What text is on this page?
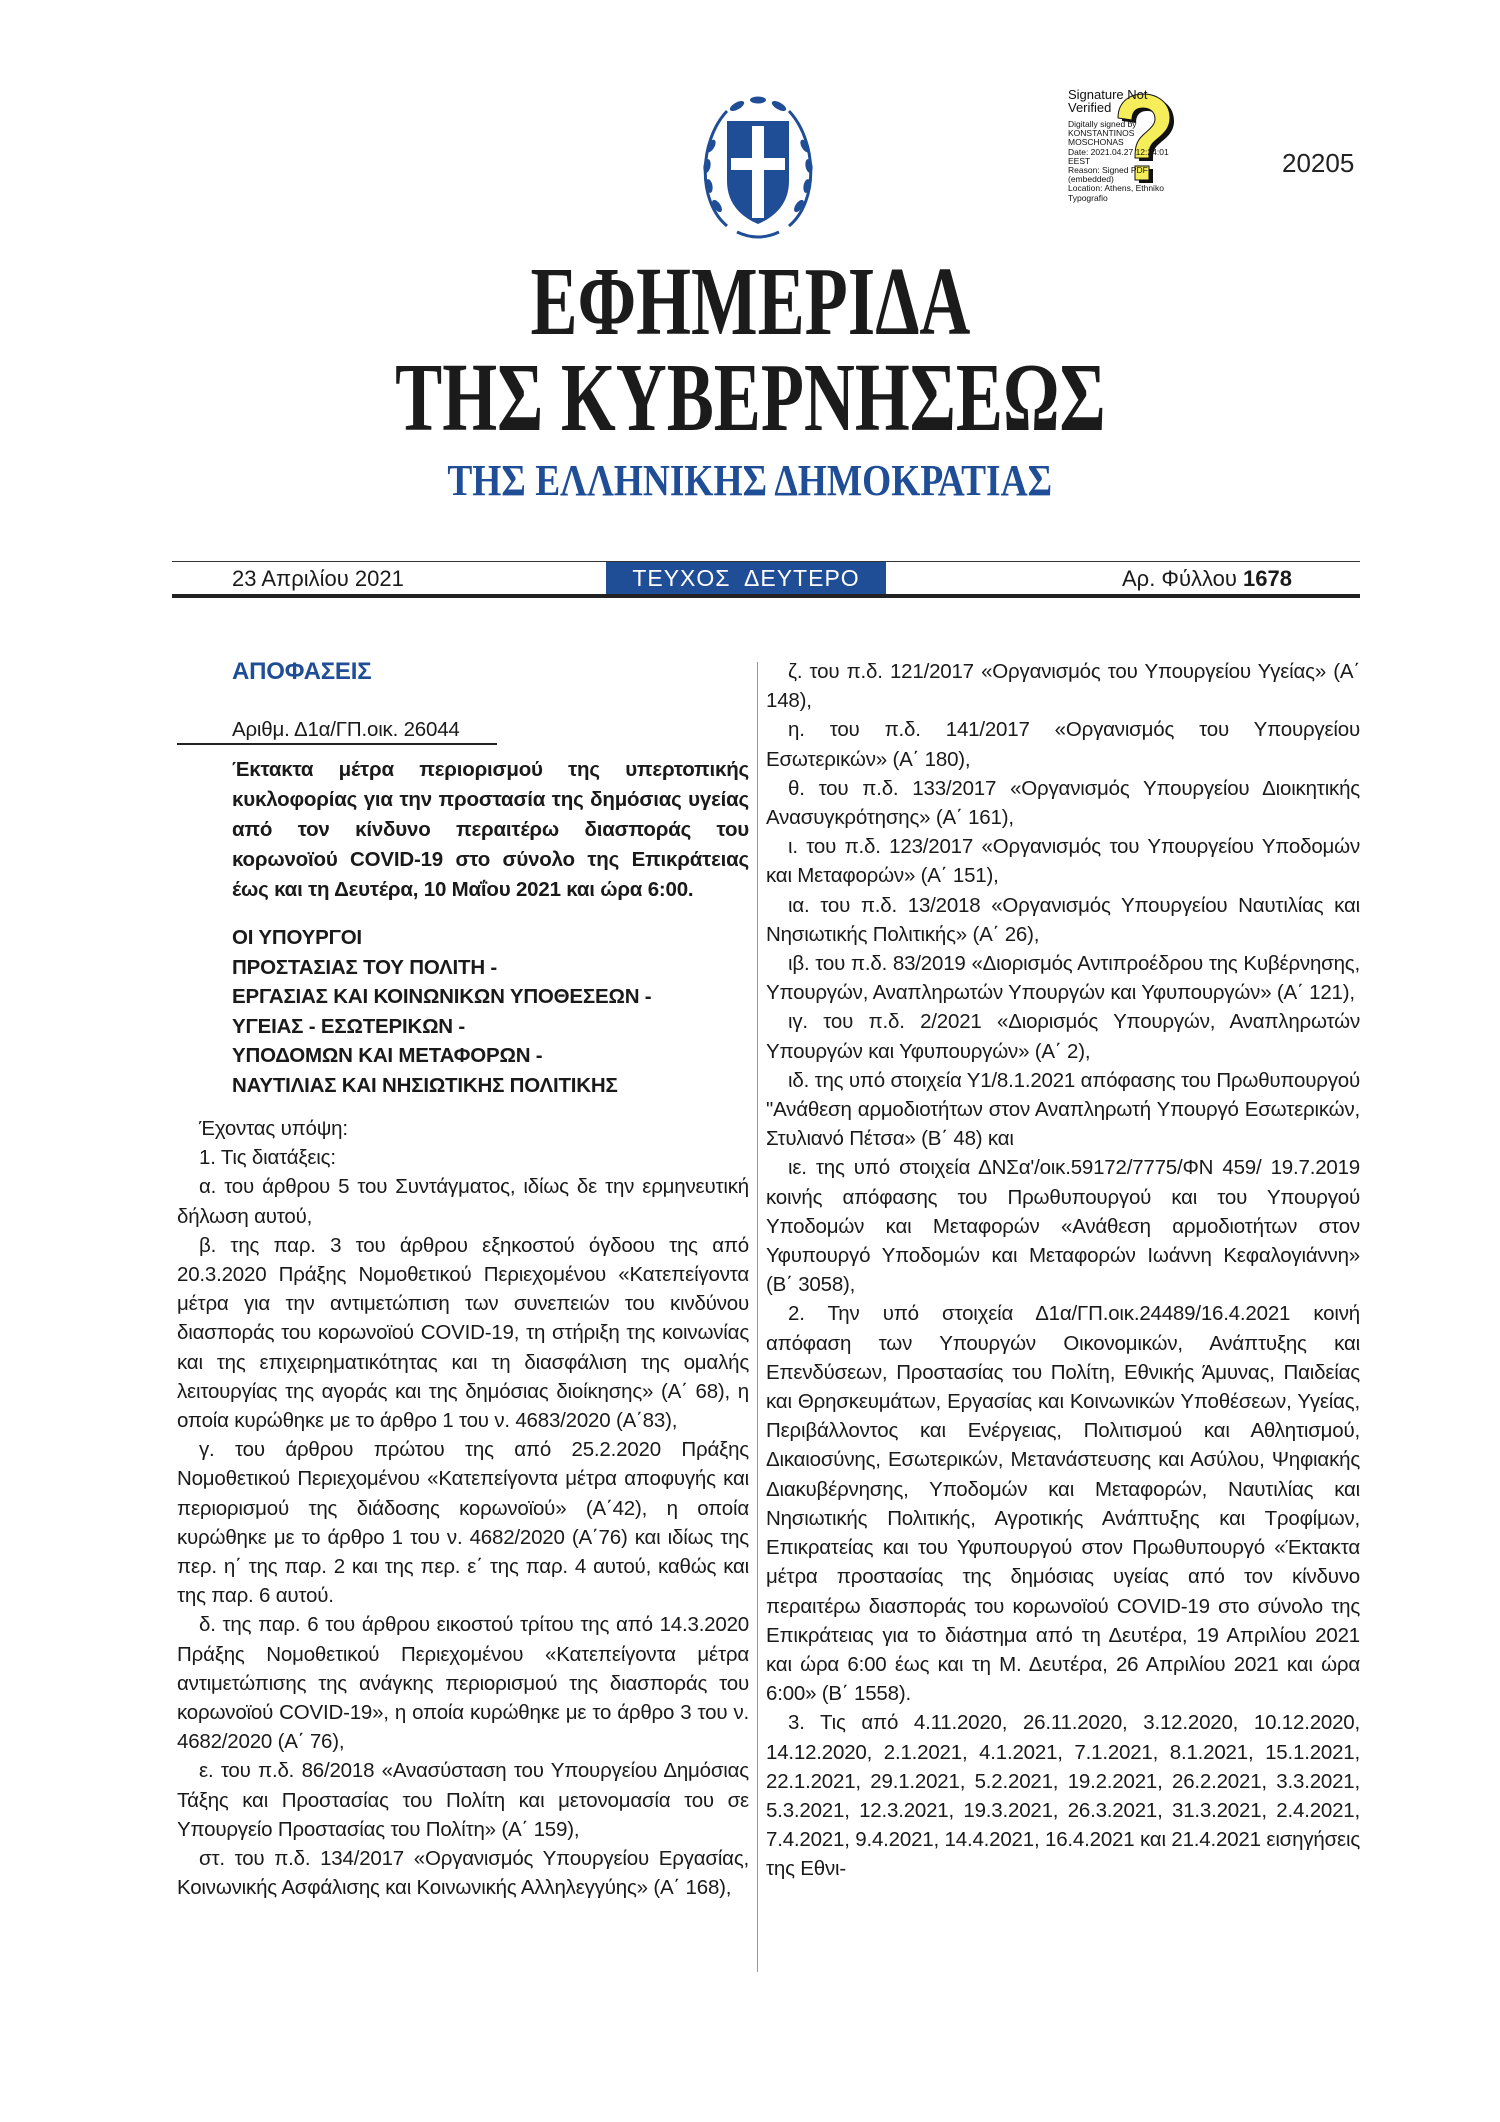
Signature Not Verified
Digitally signed by
KONSTANTINOS
MOSCHONAS
Date: 2021.04.27 12:24:01
EEST
Reason: Signed PDF
(embedded)
Location: Athens, Ethniko
Typografio
20205
ΕΦΗΜΕΡΙΔΑ
ΤΗΣ ΚΥΒΕΡΝΗΣΕΩΣ
ΤΗΣ ΕΛΛΗΝΙΚΗΣ ΔΗΜΟΚΡΑΤΙΑΣ
23 Απριλίου 2021	ΤΕΥΧΟΣ  ΔΕΥΤΕΡΟ	Αρ. Φύλλου 1678
ΑΠΟΦΑΣΕΙΣ
Αριθμ. Δ1α/ΓΠ.οικ. 26044
Έκτακτα μέτρα περιορισμού της υπερτοπικής κυκλοφορίας για την προστασία της δημόσιας υγείας από τον κίνδυνο περαιτέρω διασποράς του κορωνοϊού COVID-19 στο σύνολο της Επικράτειας έως και τη Δευτέρα, 10 Μαΐου 2021 και ώρα 6:00.
ΟΙ ΥΠΟΥΡΓΟΙ
ΠΡΟΣΤΑΣΙΑΣ ΤΟΥ ΠΟΛΙΤΗ -
ΕΡΓΑΣΙΑΣ ΚΑΙ ΚΟΙΝΩΝΙΚΩΝ ΥΠΟΘΕΣΕΩΝ -
ΥΓΕΙΑΣ - ΕΣΩΤΕΡΙΚΩΝ -
ΥΠΟΔΟΜΩΝ ΚΑΙ ΜΕΤΑΦΟΡΩΝ -
ΝΑΥΤΙΛΙΑΣ ΚΑΙ ΝΗΣΙΩΤΙΚΗΣ ΠΟΛΙΤΙΚΗΣ

Έχοντας υπόψη:

1. Τις διατάξεις:

α. του άρθρου 5 του Συντάγματος, ιδίως δε την ερμηνευτική δήλωση αυτού,

β. της παρ. 3 του άρθρου εξηκοστού όγδοου της από 20.3.2020 Πράξης Νομοθετικού Περιεχομένου «Κατεπείγοντα μέτρα για την αντιμετώπιση των συνεπειών του κινδύνου διασποράς του κορωνοϊού COVID-19, τη στήριξη της κοινωνίας και της επιχειρηματικότητας και τη διασφάλιση της ομαλής λειτουργίας της αγοράς και της δημόσιας διοίκησης» (Α΄ 68), η οποία κυρώθηκε με το άρθρο 1 του ν. 4683/2020 (Α΄83),

γ. του άρθρου πρώτου της από 25.2.2020 Πράξης Νομοθετικού Περιεχομένου «Κατεπείγοντα μέτρα αποφυγής και περιορισμού της διάδοσης κορωνοϊού» (Α΄42), η οποία κυρώθηκε με το άρθρο 1 του ν. 4682/2020 (Α΄76) και ιδίως της περ. η΄ της παρ. 2 και της περ. ε΄ της παρ. 4 αυτού, καθώς και της παρ. 6 αυτού.

δ. της παρ. 6 του άρθρου εικοστού τρίτου της από 14.3.2020 Πράξης Νομοθετικού Περιεχομένου «Κατεπείγοντα μέτρα αντιμετώπισης της ανάγκης περιορισμού της διασποράς του κορωνοϊού COVID-19», η οποία κυρώθηκε με το άρθρο 3 του ν. 4682/2020 (Α΄ 76),

ε. του π.δ. 86/2018 «Ανασύσταση του Υπουργείου Δημόσιας Τάξης και Προστασίας του Πολίτη και μετονομασία του σε Υπουργείο Προστασίας του Πολίτη» (Α΄ 159),

στ. του π.δ. 134/2017 «Οργανισμός Υπουργείου Εργασίας, Κοινωνικής Ασφάλισης και Κοινωνικής Αλληλεγγύης» (Α΄ 168),

ζ. του π.δ. 121/2017 «Οργανισμός του Υπουργείου Υγείας» (Α΄ 148),

η. του π.δ. 141/2017 «Οργανισμός του Υπουργείου Εσωτερικών» (Α΄ 180),

θ. του π.δ. 133/2017 «Οργανισμός Υπουργείου Διοικητικής Ανασυγκρότησης» (Α΄ 161),

ι. του π.δ. 123/2017 «Οργανισμός του Υπουργείου Υποδομών και Μεταφορών» (Α΄ 151),

ια. του π.δ. 13/2018 «Οργανισμός Υπουργείου Ναυτιλίας και Νησιωτικής Πολιτικής» (Α΄ 26),

ιβ. του π.δ. 83/2019 «Διορισμός Αντιπροέδρου της Κυβέρνησης, Υπουργών, Αναπληρωτών Υπουργών και Υφυπουργών» (Α΄ 121),

ιγ. του π.δ. 2/2021 «Διορισμός Υπουργών, Αναπληρωτών Υπουργών και Υφυπουργών» (Α΄ 2),

ιδ. της υπό στοιχεία Υ1/8.1.2021 απόφασης του Πρωθυπουργού "Ανάθεση αρμοδιοτήτων στον Αναπληρωτή Υπουργό Εσωτερικών, Στυλιανό Πέτσα» (Β΄ 48) και

ιε. της υπό στοιχεία ΔΝΣα'/οικ.59172/7775/ΦΝ 459/ 19.7.2019 κοινής απόφασης του Πρωθυπουργού και του Υπουργού Υποδομών και Μεταφορών «Ανάθεση αρμοδιοτήτων στον Υφυπουργό Υποδομών και Μεταφορών Ιωάννη Κεφαλογιάννη» (Β΄ 3058),

2. Την υπό στοιχεία Δ1α/ΓΠ.οικ.24489/16.4.2021 κοινή απόφαση των Υπουργών Οικονομικών, Ανάπτυξης και Επενδύσεων, Προστασίας του Πολίτη, Εθνικής Άμυνας, Παιδείας και Θρησκευμάτων, Εργασίας και Κοινωνικών Υποθέσεων, Υγείας, Περιβάλλοντος και Ενέργειας, Πολιτισμού και Αθλητισμού, Δικαιοσύνης, Εσωτερικών, Μετανάστευσης και Ασύλου, Ψηφιακής Διακυβέρνησης, Υποδομών και Μεταφορών, Ναυτιλίας και Νησιωτικής Πολιτικής, Αγροτικής Ανάπτυξης και Τροφίμων, Επικρατείας και του Υφυπουργού στον Πρωθυπουργό «Έκτακτα μέτρα προστασίας της δημόσιας υγείας από τον κίνδυνο περαιτέρω διασποράς του κορωνοϊού COVID-19 στο σύνολο της Επικράτειας για το διάστημα από τη Δευτέρα, 19 Απριλίου 2021 και ώρα 6:00 έως και τη Μ. Δευτέρα, 26 Απριλίου 2021 και ώρα 6:00» (Β΄ 1558).

3. Τις από 4.11.2020, 26.11.2020, 3.12.2020, 10.12.2020, 14.12.2020, 2.1.2021, 4.1.2021, 7.1.2021, 8.1.2021, 15.1.2021, 22.1.2021, 29.1.2021, 5.2.2021, 19.2.2021, 26.2.2021, 3.3.2021, 5.3.2021, 12.3.2021, 19.3.2021, 26.3.2021, 31.3.2021, 2.4.2021, 7.4.2021, 9.4.2021, 14.4.2021, 16.4.2021 και 21.4.2021 εισηγήσεις της Εθνι-
